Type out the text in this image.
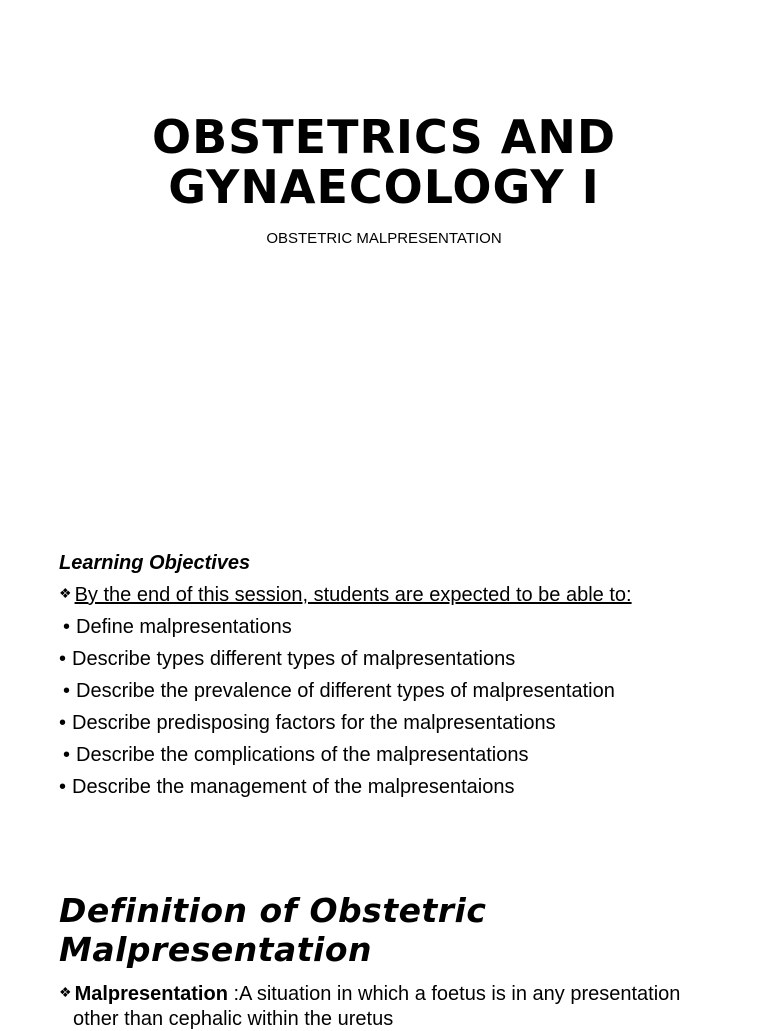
OBSTETRICS AND
GYNAECOLOGY I
OBSTETRIC MALPRESENTATION
Learning Objectives
❖ By the end of this session, students are expected to be able to:
• Define malpresentations
• Describe types different types of malpresentations
• Describe the prevalence of different types of malpresentation
• Describe predisposing factors for the malpresentations
• Describe the complications of the malpresentations
• Describe the management of the malpresentaions
Definition of Obstetric
Malpresentation
❖ Malpresentation :A situation in which a foetus is in any presentation
other than cephalic within the uretus
